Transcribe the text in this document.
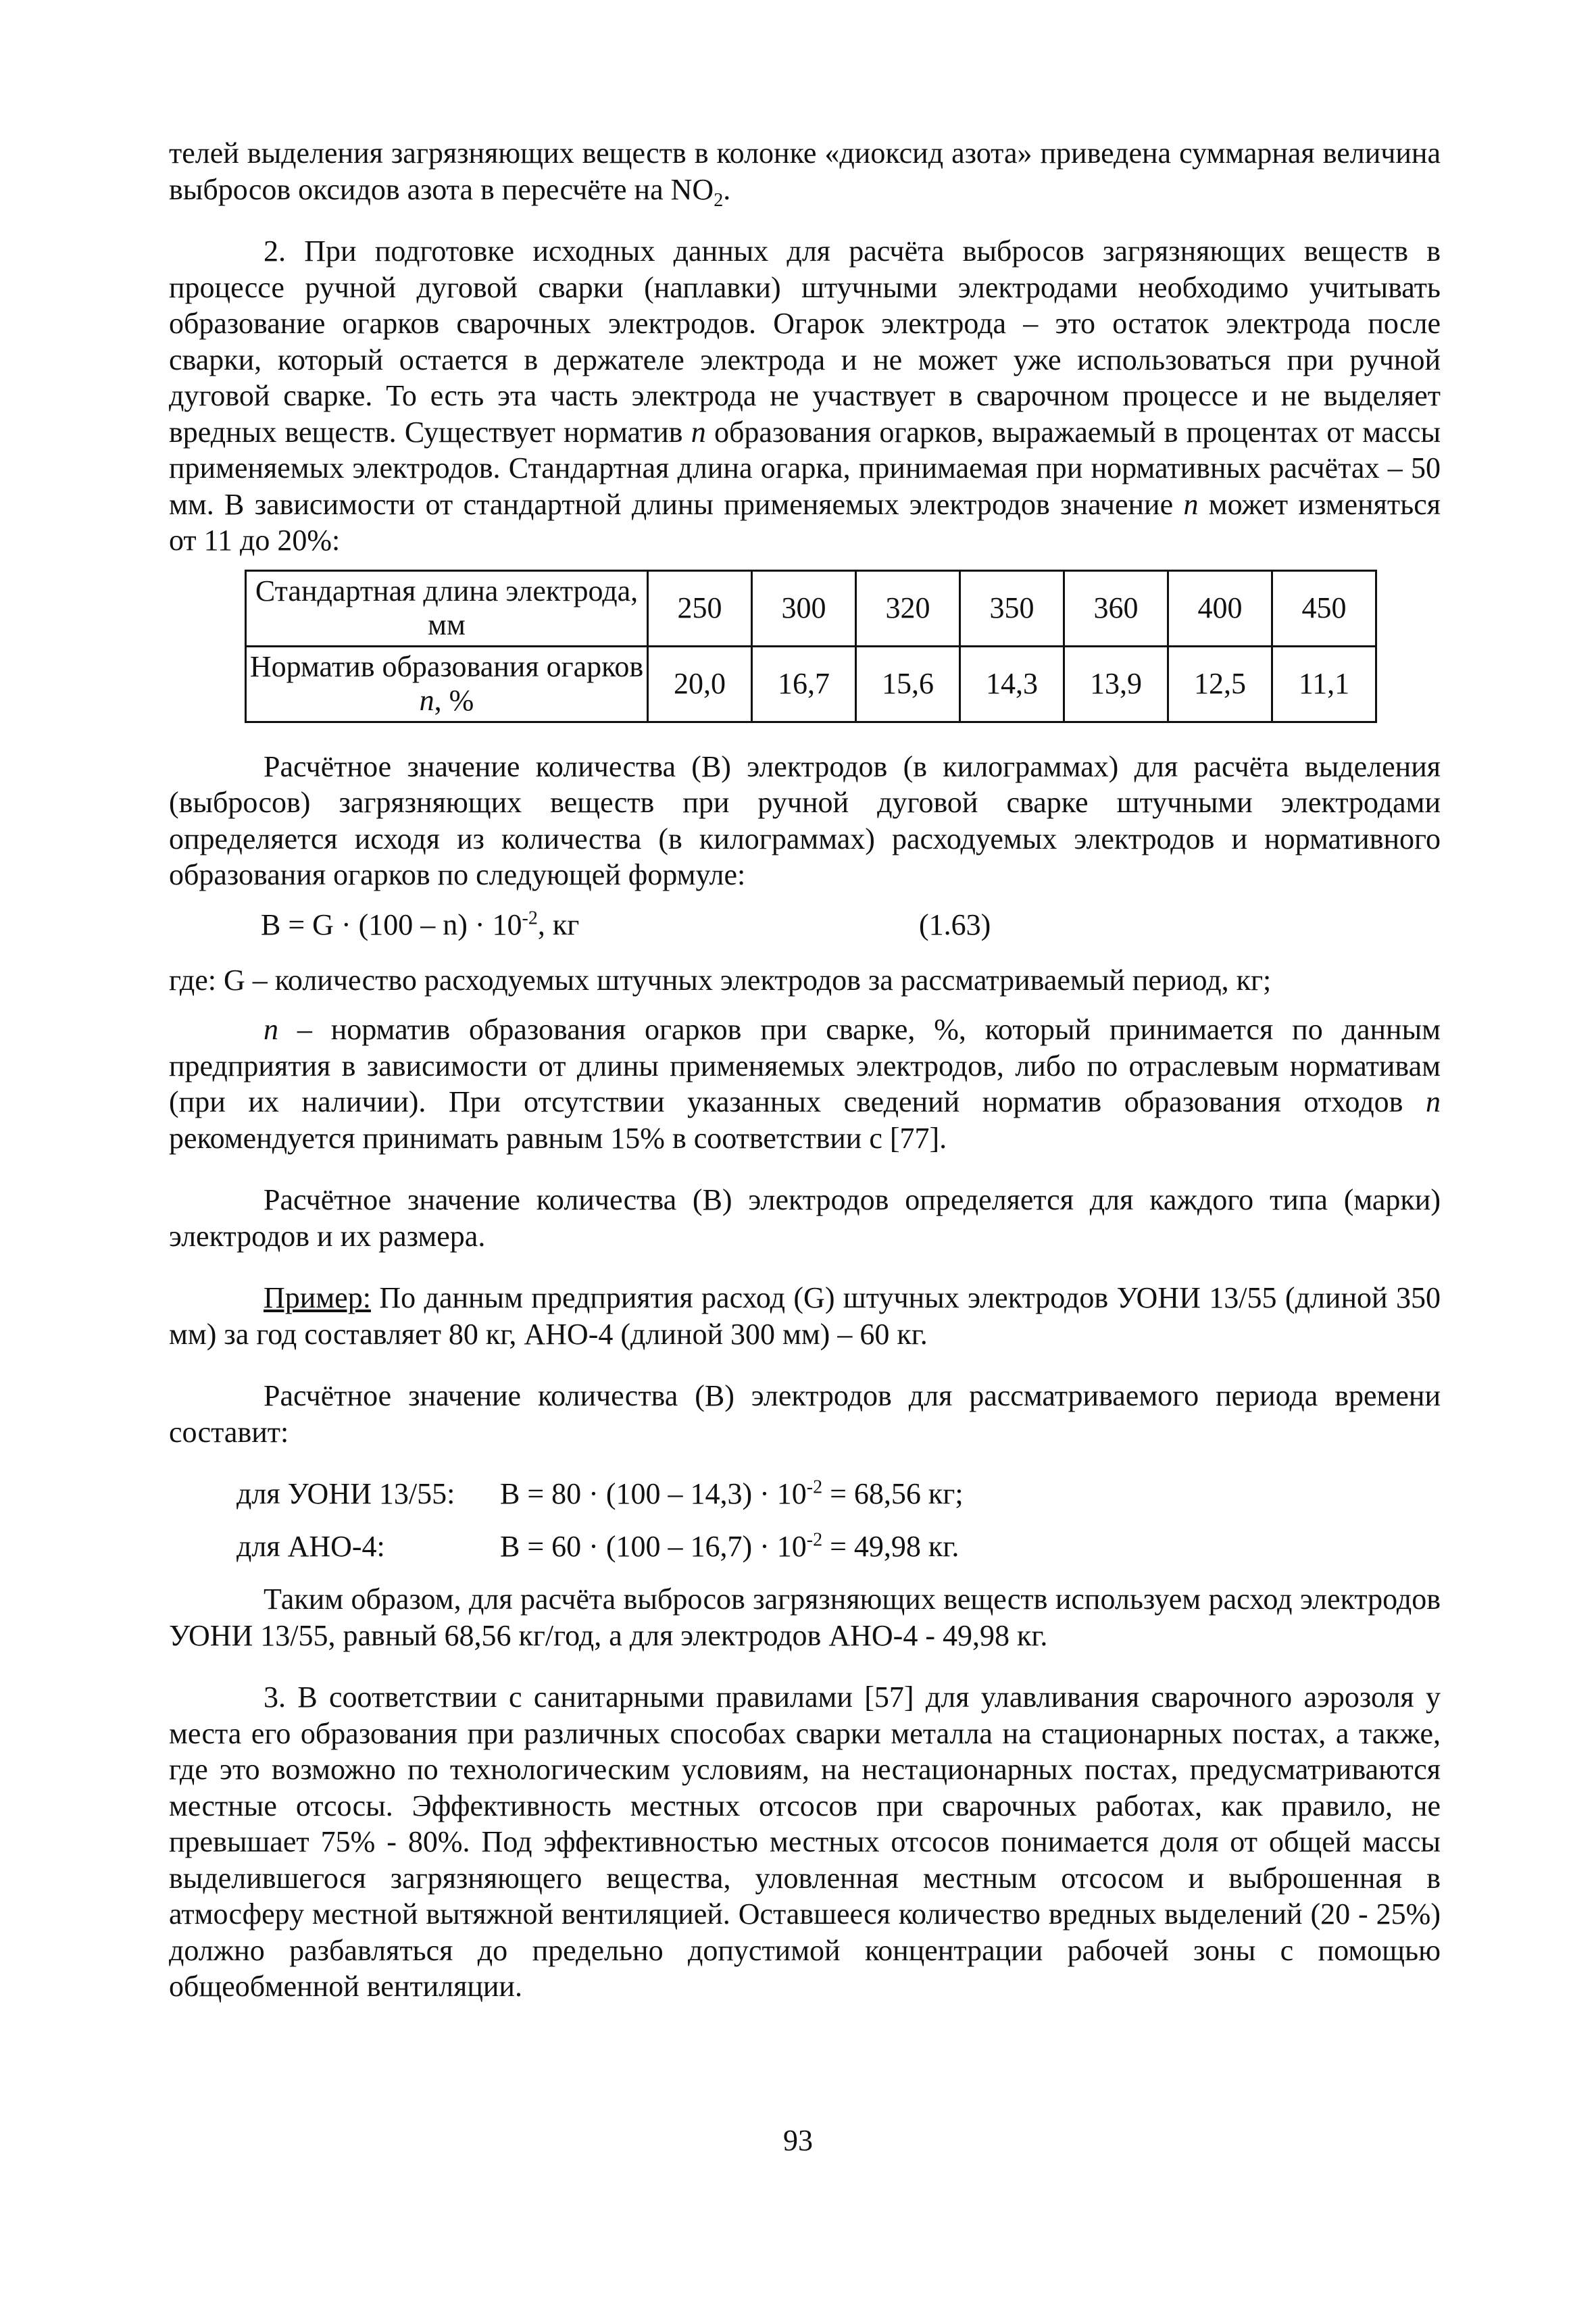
телей выделения загрязняющих веществ в колонке «диоксид азота» приведена суммарная величина выбросов оксидов азота в пересчёте на $NO_2$.

2. При подготовке исходных данных для расчёта выбросов загрязняющих веществ в процессе ручной дуговой сварки (наплавки) штучными электродами необходимо учитывать образование огарков сварочных электродов. Огарок электрода – это остаток электрода после сварки, который остается в держателе электрода и не может уже использоваться при ручной дуговой сварке. То есть эта часть электрода не участвует в сварочном процессе и не выделяет вредных веществ. Существует норматив n образования огарков, выражаемый в процентах от массы применяемых электродов. Стандартная длина огарка, принимаемая при нормативных расчётах – 50 мм. В зависимости от стандартной длины применяемых электродов значение n может изменяться от 11 до 20%:

Стандартная длина электрода, мм	250	300	320	350	360	400	450
Норматив образования огарков n, %	20,0	16,7	15,6	14,3	13,9	12,5	11,1

Расчётное значение количества (В) электродов (в килограммах) для расчёта выделения (выбросов) загрязняющих веществ при ручной дуговой сварке штучными электродами определяется исходя из количества (в килограммах) расходуемых электродов и нормативного образования огарков по следующей формуле:

$В = G \cdot (100 - n) \cdot 10^{-2}$, кг	(1.63)

где: G – количество расходуемых штучных электродов за рассматриваемый период, кг;

n – норматив образования огарков при сварке, %, который принимается по данным предприятия в зависимости от длины применяемых электродов, либо по отраслевым нормативам (при их наличии). При отсутствии указанных сведений норматив образования отходов n рекомендуется принимать равным 15% в соответствии с [77].

Расчётное значение количества (В) электродов определяется для каждого типа (марки) электродов и их размера.

Пример: По данным предприятия расход (G) штучных электродов УОНИ 13/55 (длиной 350 мм) за год составляет 80 кг, АНО-4 (длиной 300 мм) – 60 кг.

Расчётное значение количества (В) электродов для рассматриваемого периода времени составит:

для УОНИ 13/55: $В = 80 \cdot (100 - 14,3) \cdot 10^{-2} = 68,56$ кг;
для АНО-4:	$В = 60 \cdot (100 - 16,7) \cdot 10^{-2} = 49,98$ кг.

Таким образом, для расчёта выбросов загрязняющих веществ используем расход электродов УОНИ 13/55, равный 68,56 кг/год, а для электродов АНО-4 - 49,98 кг.

3. В соответствии с санитарными правилами [57] для улавливания сварочного аэрозоля у места его образования при различных способах сварки металла на стационарных постах, а также, где это возможно по технологическим условиям, на нестационарных постах, предусматриваются местные отсосы. Эффективность местных отсосов при сварочных работах, как правило, не превышает 75% - 80%. Под эффективностью местных отсосов понимается доля от общей массы выделившегося загрязняющего вещества, уловленная местным отсосом и выброшенная в атмосферу местной вытяжной вентиляцией. Оставшееся количество вредных выделений (20 - 25%) должно разбавляться до предельно допустимой концентрации рабочей зоны с помощью общеобменной вентиляции.

93
